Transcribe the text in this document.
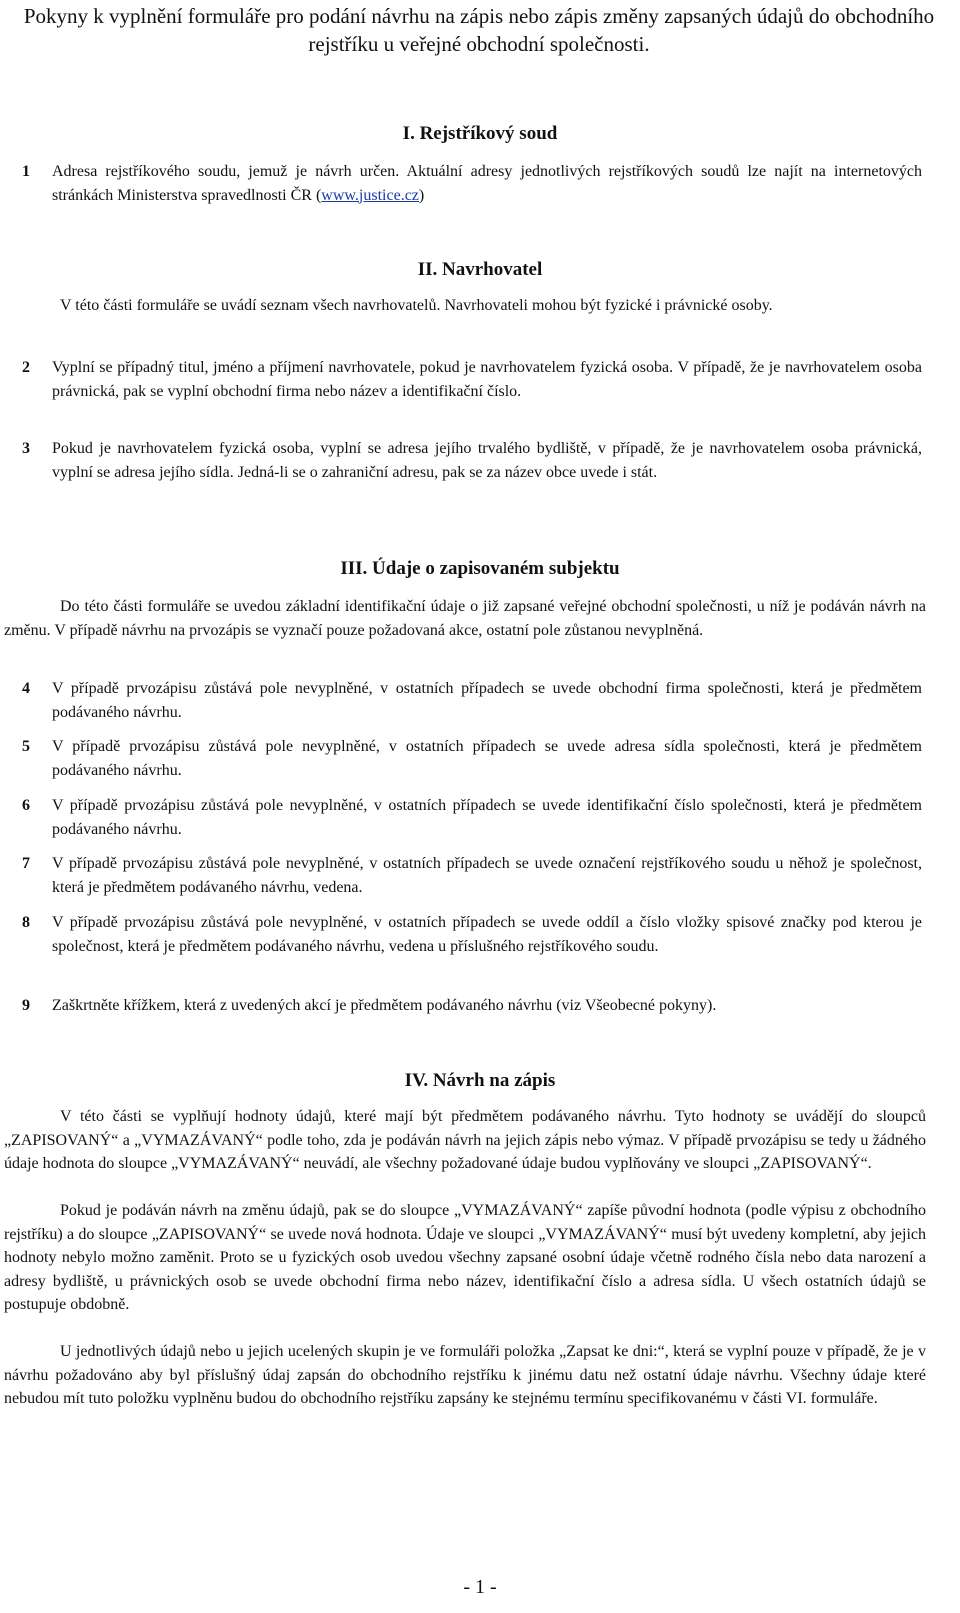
Pokyny k vyplnění formuláře pro podání návrhu na zápis nebo zápis změny zapsaných údajů do obchodního rejstříku u veřejné obchodní společnosti.
I. Rejstříkový soud
1 Adresa rejstříkového soudu, jemuž je návrh určen. Aktuální adresy jednotlivých rejstříkových soudů lze najít na internetových stránkách Ministerstva spravedlnosti ČR (www.justice.cz)
II. Navrhovatel
V této části formuláře se uvádí seznam všech navrhovatelů. Navrhovateli mohou být fyzické i právnické osoby.
2 Vyplní se případný titul, jméno a příjmení navrhovatele, pokud je navrhovatelem fyzická osoba. V případě, že je navrhovatelem osoba právnická, pak se vyplní obchodní firma nebo název a identifikační číslo.
3 Pokud je navrhovatelem fyzická osoba, vyplní se adresa jejího trvalého bydliště, v případě, že je navrhovatelem osoba právnická, vyplní se adresa jejího sídla. Jedná-li se o zahraniční adresu, pak se za název obce uvede i stát.
III. Údaje o zapisovaném subjektu
Do této části formuláře se uvedou základní identifikační údaje o již zapsané veřejné obchodní společnosti, u níž je podáván návrh na změnu. V případě návrhu na prvozápis se vyznačí pouze požadovaná akce, ostatní pole zůstanou nevyplněná.
4 V případě prvozápisu zůstává pole nevyplněné, v ostatních případech se uvede obchodní firma společnosti, která je předmětem podávaného návrhu.
5 V případě prvozápisu zůstává pole nevyplněné, v ostatních případech se uvede adresa sídla společnosti, která je předmětem podávaného návrhu.
6 V případě prvozápisu zůstává pole nevyplněné, v ostatních případech se uvede identifikační číslo společnosti, která je předmětem podávaného návrhu.
7 V případě prvozápisu zůstává pole nevyplněné, v ostatních případech se uvede označení rejstříkového soudu u něhož je společnost, která je předmětem podávaného návrhu, vedena.
8 V případě prvozápisu zůstává pole nevyplněné, v ostatních případech se uvede oddíl a číslo vložky spisové značky pod kterou je společnost, která je předmětem podávaného návrhu, vedena u příslušného rejstříkového soudu.
9 Zaškrtněte křížkem, která z uvedených akcí je předmětem podávaného návrhu (viz Všeobecné pokyny).
IV. Návrh na zápis
V této části se vyplňují hodnoty údajů, které mají být předmětem podávaného návrhu. Tyto hodnoty se uvádějí do sloupců „ZAPISOVANÝ“ a „VYMAZÁVANÝ“ podle toho, zda je podáván návrh na jejich zápis nebo výmaz. V případě prvozápisu se tedy u žádného údaje hodnota do sloupce „VYMAZÁVANÝ“ neuvádí, ale všechny požadované údaje budou vyplňovány ve sloupci „ZAPISOVANÝ“.
Pokud je podáván návrh na změnu údajů, pak se do sloupce „VYMAZÁVANÝ“ zapíše původní hodnota (podle výpisu z obchodního rejstříku) a do sloupce „ZAPISOVANÝ“ se uvede nová hodnota. Údaje ve sloupci „VYMAZÁVANÝ“ musí být uvedeny kompletní, aby jejich hodnoty nebylo možno zaměnit. Proto se u fyzických osob uvedou všechny zapsané osobní údaje včetně rodného čísla nebo data narození a adresy bydliště, u právnických osob se uvede obchodní firma nebo název, identifikační číslo a adresa sídla. U všech ostatních údajů se postupuje obdobně.
U jednotlivých údajů nebo u jejich ucelených skupin je ve formuláři položka „Zapsat ke dni:“, která se vyplní pouze v případě, že je v návrhu požadováno aby byl příslušný údaj zapsán do obchodního rejstříku k jinému datu než ostatní údaje návrhu. Všechny údaje které nebudou mít tuto položku vyplněnu budou do obchodního rejstříku zapsány ke stejnému termínu specifikovanému v části VI. formuláře.
- 1 -
